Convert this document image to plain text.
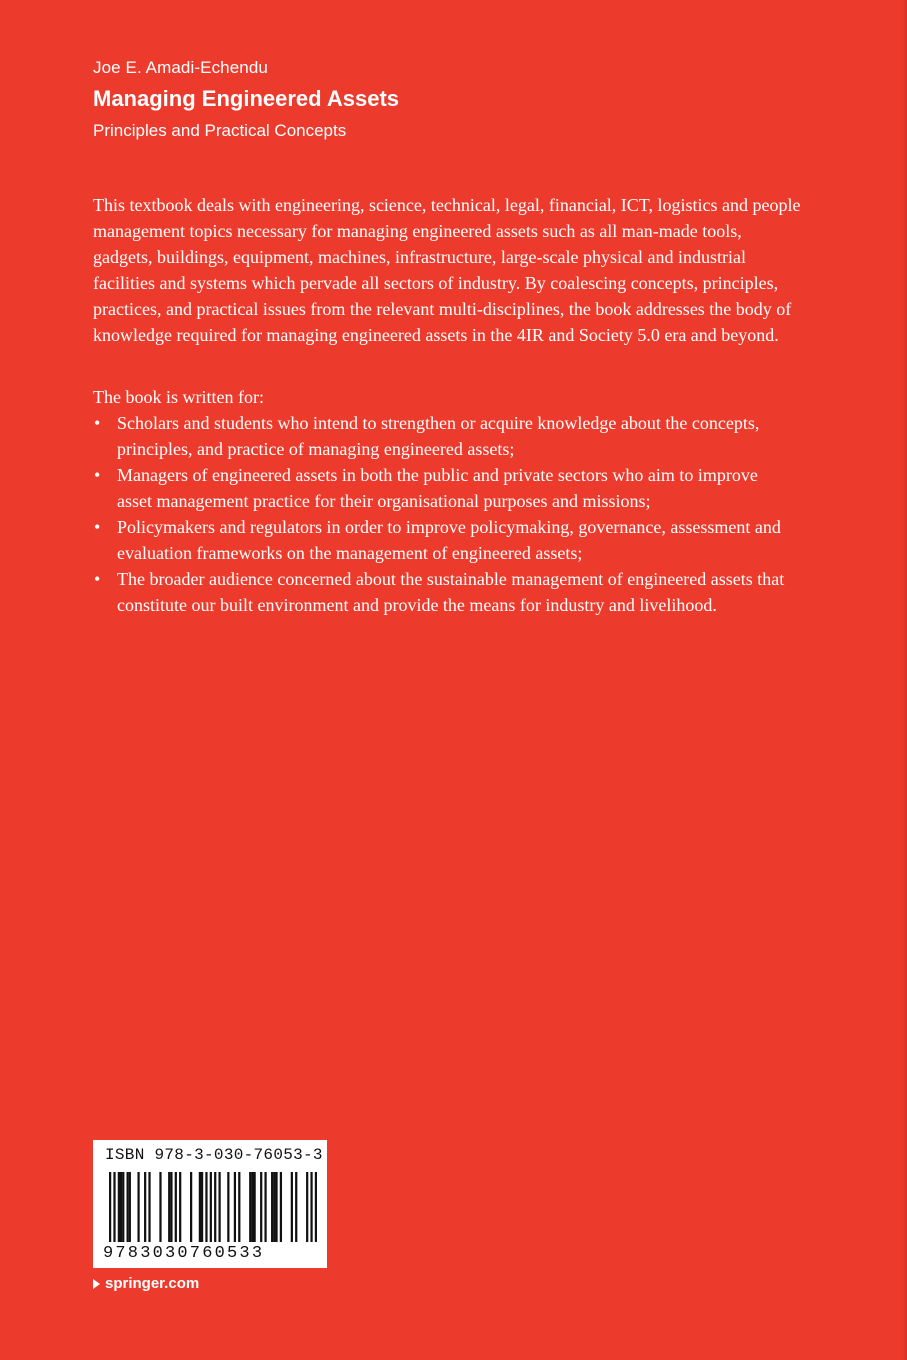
Joe E. Amadi-Echendu
Managing Engineered Assets
Principles and Practical Concepts

This textbook deals with engineering, science, technical, legal, financial, ICT, logistics and people management topics necessary for managing engineered assets such as all man-made tools, gadgets, buildings, equipment, machines, infrastructure, large-scale physical and industrial facilities and systems which pervade all sectors of industry. By coalescing concepts, principles, practices, and practical issues from the relevant multi-disciplines, the book addresses the body of knowledge required for managing engineered assets in the 4IR and Society 5.0 era and beyond.

The book is written for:
• Scholars and students who intend to strengthen or acquire knowledge about the concepts, principles, and practice of managing engineered assets;
• Managers of engineered assets in both the public and private sectors who aim to improve asset management practice for their organisational purposes and missions;
• Policymakers and regulators in order to improve policymaking, governance, assessment and evaluation frameworks on the management of engineered assets;
• The broader audience concerned about the sustainable management of engineered assets that constitute our built environment and provide the means for industry and livelihood.
ISBN 978-3-030-76053-3
9783030760533
springer.com
